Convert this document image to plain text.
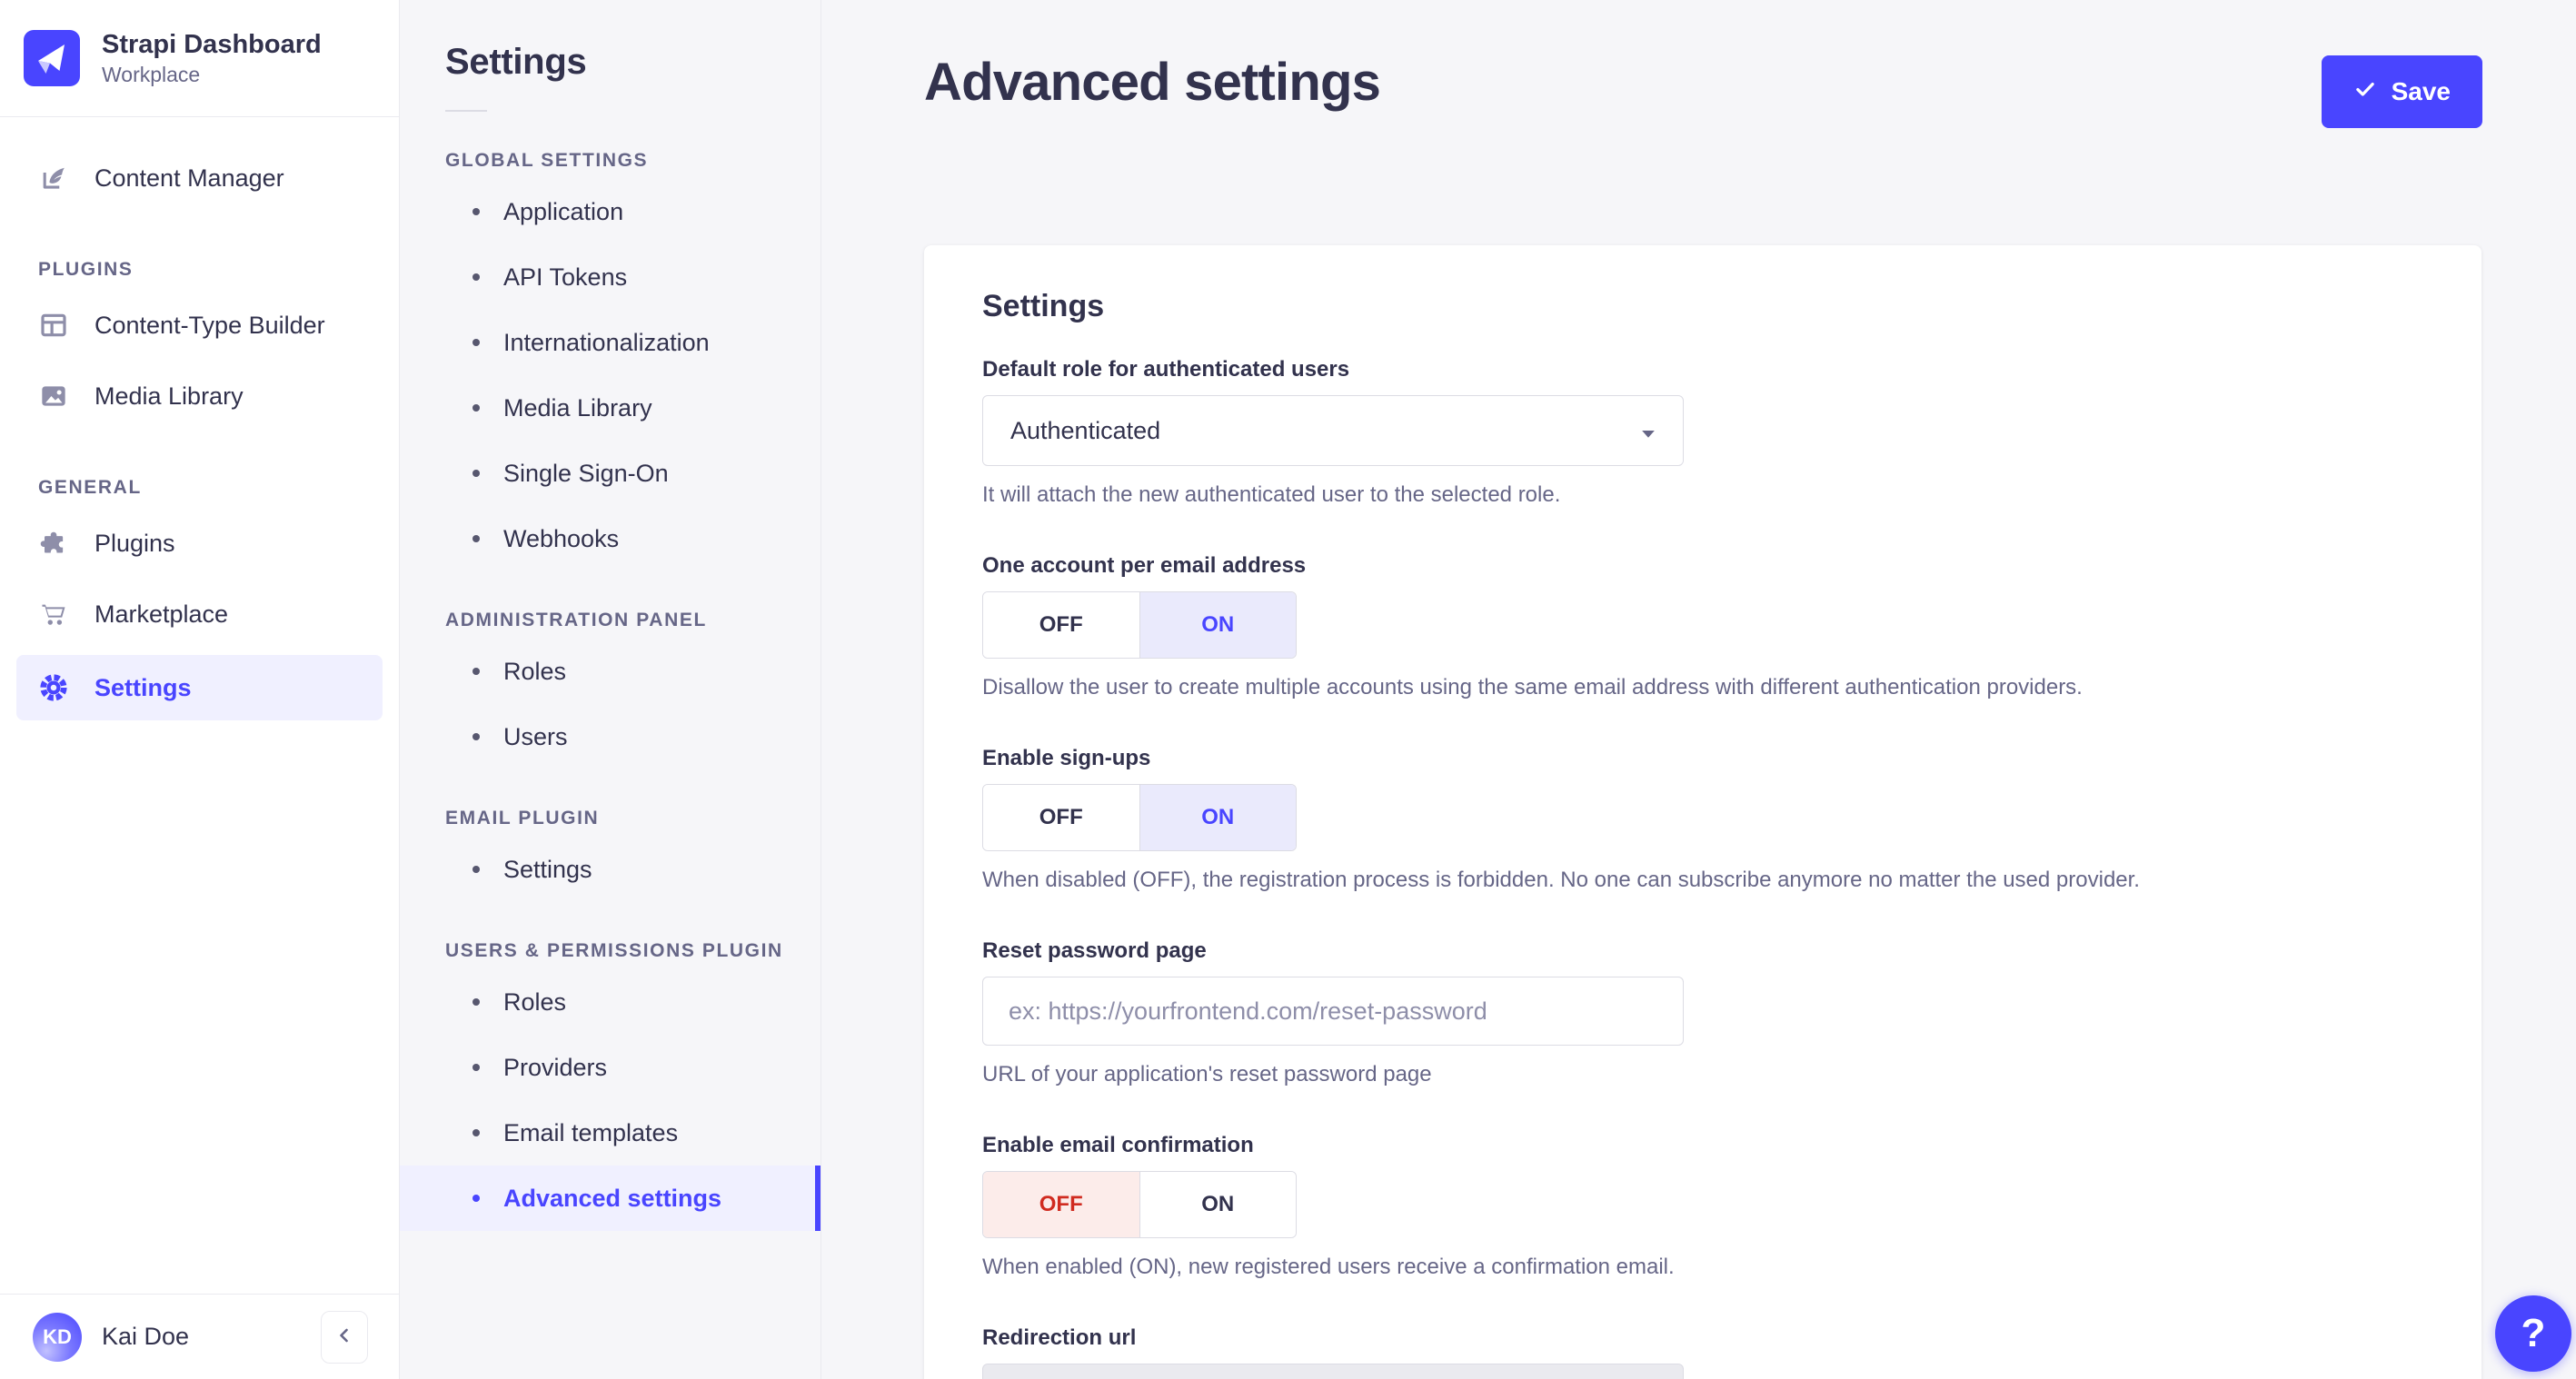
Strapi Dashboard
Workplace
Content Manager
PLUGINS
Content-Type Builder
Media Library
GENERAL
Plugins
Marketplace
Settings
KD	Kai Doe
Settings
GLOBAL SETTINGS
Application
API Tokens
Internationalization
Media Library
Single Sign-On
Webhooks
ADMINISTRATION PANEL
Roles
Users
EMAIL PLUGIN
Settings
USERS & PERMISSIONS PLUGIN
Roles
Providers
Email templates
Advanced settings
Advanced settings	Save
Settings
Default role for authenticated users
Authenticated
It will attach the new authenticated user to the selected role.
One account per email address
OFF	ON
Disallow the user to create multiple accounts using the same email address with different authentication providers.
Enable sign-ups
OFF	ON
When disabled (OFF), the registration process is forbidden. No one can subscribe anymore no matter the used provider.
Reset password page
ex: https://yourfrontend.com/reset-password
URL of your application's reset password page
Enable email confirmation
OFF	ON
When enabled (ON), new registered users receive a confirmation email.
Redirection url
ex: https://yourfrontend.com/reset-password	?
